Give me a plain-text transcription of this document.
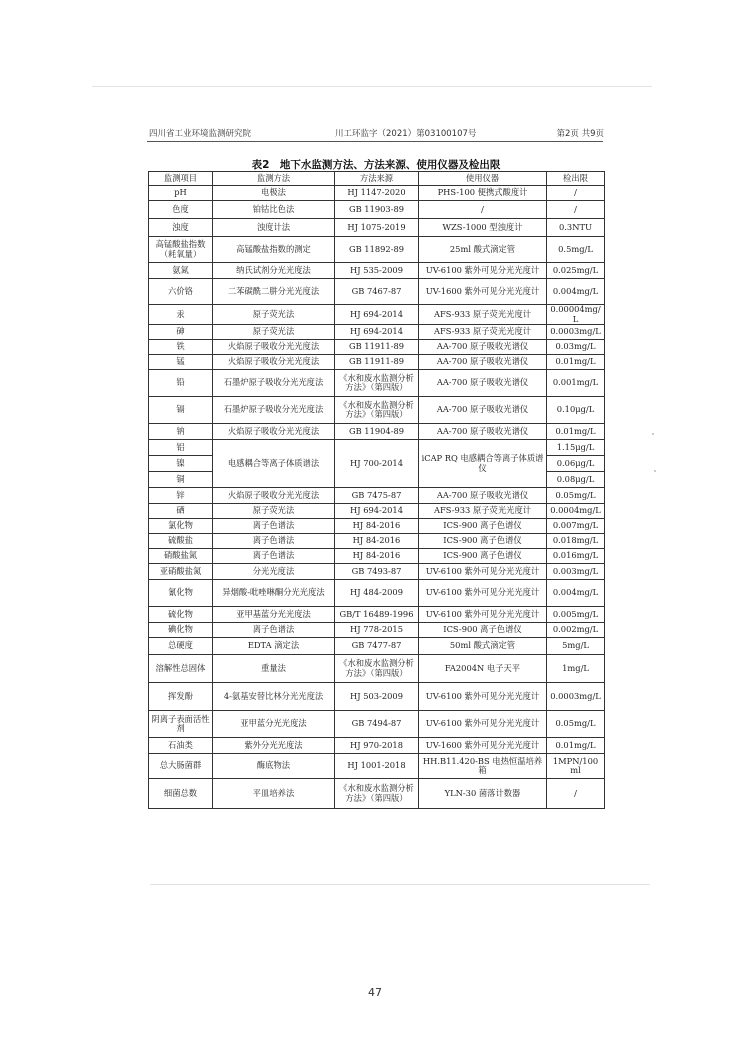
四川省工业环境监测研究院	川工环监字（2021）第03100107号	第2页 共9页
表2　地下水监测方法、方法来源、使用仪器及检出限
监测项目	监测方法	方法来源	使用仪器	检出限
pH	电极法	HJ 1147-2020	PHS-100 便携式酸度计	/
色度	铂钴比色法	GB 11903-89	/	/
浊度	浊度计法	HJ 1075-2019	WZS-1000 型浊度计	0.3NTU
高锰酸盐指数（耗氧量）	高锰酸盐指数的测定	GB 11892-89	25ml 酸式滴定管	0.5mg/L
氨氮	纳氏试剂分光光度法	HJ 535-2009	UV-6100 紫外可见分光光度计	0.025mg/L
六价铬	二苯碳酰二肼分光光度法	GB 7467-87	UV-1600 紫外可见分光光度计	0.004mg/L
汞	原子荧光法	HJ 694-2014	AFS-933 原子荧光光度计	0.00004mg/L
砷	原子荧光法	HJ 694-2014	AFS-933 原子荧光光度计	0.0003mg/L
铁	火焰原子吸收分光光度法	GB 11911-89	AA-700 原子吸收光谱仪	0.03mg/L
锰	火焰原子吸收分光光度法	GB 11911-89	AA-700 原子吸收光谱仪	0.01mg/L
铅	石墨炉原子吸收分光光度法	《水和废水监测分析方法》（第四版）	AA-700 原子吸收光谱仪	0.001mg/L
镉	石墨炉原子吸收分光光度法	《水和废水监测分析方法》（第四版）	AA-700 原子吸收光谱仪	0.10μg/L
钠	火焰原子吸收分光光度法	GB 11904-89	AA-700 原子吸收光谱仪	0.01mg/L
铝	电感耦合等离子体质谱法	HJ 700-2014	iCAP RQ 电感耦合等离子体质谱仪	1.15μg/L
镍				0.06μg/L
铜				0.08μg/L
锌	火焰原子吸收分光光度法	GB 7475-87	AA-700 原子吸收光谱仪	0.05mg/L
硒	原子荧光法	HJ 694-2014	AFS-933 原子荧光光度计	0.0004mg/L
氯化物	离子色谱法	HJ 84-2016	ICS-900 离子色谱仪	0.007mg/L
硫酸盐	离子色谱法	HJ 84-2016	ICS-900 离子色谱仪	0.018mg/L
硝酸盐氮	离子色谱法	HJ 84-2016	ICS-900 离子色谱仪	0.016mg/L
亚硝酸盐氮	分光光度法	GB 7493-87	UV-6100 紫外可见分光光度计	0.003mg/L
氰化物	异烟酸-吡唑啉酮分光光度法	HJ 484-2009	UV-6100 紫外可见分光光度计	0.004mg/L
硫化物	亚甲基蓝分光光度法	GB/T 16489-1996	UV-6100 紫外可见分光光度计	0.005mg/L
碘化物	离子色谱法	HJ 778-2015	ICS-900 离子色谱仪	0.002mg/L
总硬度	EDTA 滴定法	GB 7477-87	50ml 酸式滴定管	5mg/L
溶解性总固体	重量法	《水和废水监测分析方法》（第四版）	FA2004N 电子天平	1mg/L
挥发酚	4-氨基安替比林分光光度法	HJ 503-2009	UV-6100 紫外可见分光光度计	0.0003mg/L
阴离子表面活性剂	亚甲蓝分光光度法	GB 7494-87	UV-6100 紫外可见分光光度计	0.05mg/L
石油类	紫外分光光度法	HJ 970-2018	UV-1600 紫外可见分光光度计	0.01mg/L
总大肠菌群	酶底物法	HJ 1001-2018	HH.B11.420-BS 电热恒温培养箱	1MPN/100ml
细菌总数	平皿培养法	《水和废水监测分析方法》（第四版）	YLN-30 菌落计数器	/
47
